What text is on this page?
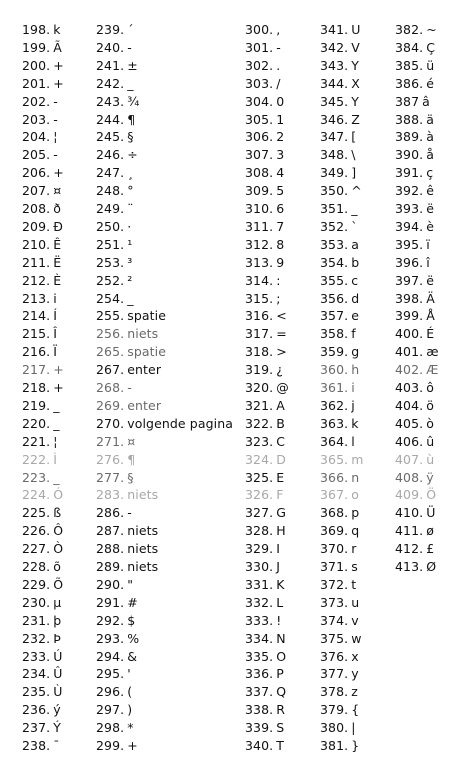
198. k
199. Ã
200. +
201. +
202. -
203. -
204. ¦
205. -
206. +
207. ¤
208. ð
209. Ð
210. Ê
211. Ë
212. È
213. i
214. Í
215. Î
216. Ï
217. +
218. +
219. _
220. _
221. ¦
222. Ì
223. _
224. Ó
225. ß
226. Ô
227. Ò
228. õ
229. Õ
230. µ
231. þ
232. Þ
233. Ú
234. Û
235. Ù
236. ý
237. Ý
238. ¯
239. ´
240. -
241. ±
242. _
243. ¾
244. ¶
245. §
246. ÷
247. ¸
248. °
249. ¨
250. ·
251. ¹
253. ³
252. ²
254. _
255. spatie
256. niets
265. spatie
267. enter
268. -
269. enter
270. volgende pagina
271. ¤
276. ¶
277. §
283. niets
286. -
287. niets
288. niets
289. niets
290. "
291. #
292. $
293. %
294. &
295. '
296. (
297. )
298. *
299. +
300. ,
301. -
302. .
303. /
304. 0
305. 1
306. 2
307. 3
308. 4
309. 5
310. 6
311. 7
312. 8
313. 9
314. :
315. ;
316. <
317. =
318. >
319. ¿
320. @
321. A
322. B
323. C
324. D
325. E
326. F
327. G
328. H
329. I
330. J
331. K
332. L
333. !
334. N
335. O
336. P
337. Q
338. R
339. S
340. T
341. U
342. V
343. Y
344. X
345. Y
346. Z
347. [
348. \
349. ]
350. ^
351. _
352. `
353. a
354. b
355. c
356. d
357. e
358. f
359. g
360. h
361. i
362. j
363. k
364. l
365. m
366. n
367. o
368. p
369. q
370. r
371. s
372. t
373. u
374. v
375. w
376. x
377. y
378. z
379. {
380. |
381. }
382. ~
384. Ç
385. ü
386. é
387 â
388. ä
389. à
390. å
391. ç
392. ê
393. ë
394. è
395. ï
396. î
397. ë
398. Ä
399. Å
400. É
401. æ
402. Æ
403. ô
404. ö
405. ò
406. û
407. ù
408. ÿ
409. Ö
410. Ü
411. ø
412. £
413. Ø
